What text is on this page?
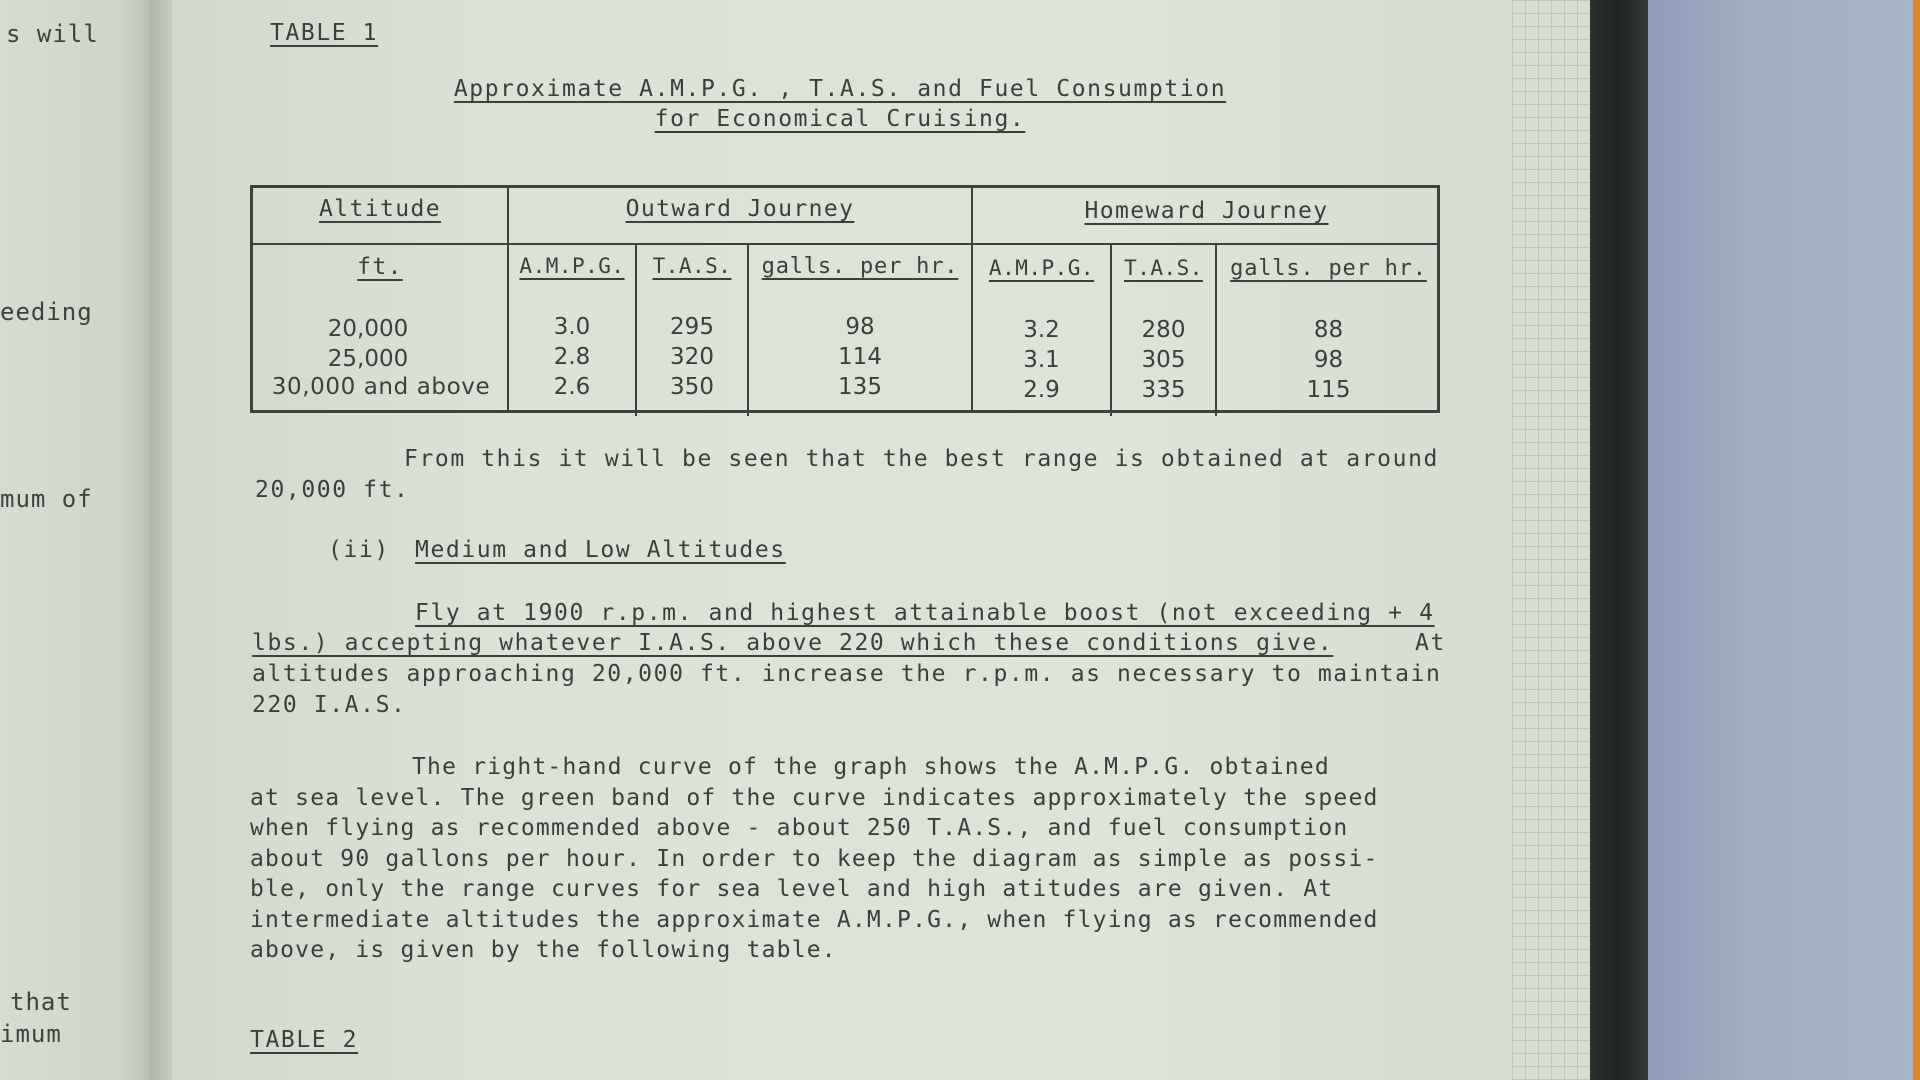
s will
eeding
mum of
that
imum
TABLE 1
Approximate A.M.P.G. , T.A.S. and Fuel Consumption
for Economical Cruising.
Altitude	Outward Journey	Homeward Journey
ft.	A.M.P.G.	T.A.S.	galls. per hr.	A.M.P.G.	T.A.S.	galls. per hr.
20,000	3.0	295	98	3.2	280	88
25,000	2.8	320	114	3.1	305	98
30,000 and above	2.6	350	135	2.9	335	115
From this it will be seen that the best range is obtained at around
20,000 ft.
(ii) Medium and Low Altitudes
Fly at 1900 r.p.m. and highest attainable boost (not exceeding + 4
lbs.) accepting whatever I.A.S. above 220 which these conditions give.	At
altitudes approaching 20,000 ft. increase the r.p.m. as necessary to maintain
220 I.A.S.
The right-hand curve of the graph shows the A.M.P.G. obtained
at sea level. The green band of the curve indicates approximately the speed
when flying as recommended above - about 250 T.A.S., and fuel consumption
about 90 gallons per hour. In order to keep the diagram as simple as possi-
ble, only the range curves for sea level and high atitudes are given. At
intermediate altitudes the approximate A.M.P.G., when flying as recommended
above, is given by the following table.
TABLE 2
